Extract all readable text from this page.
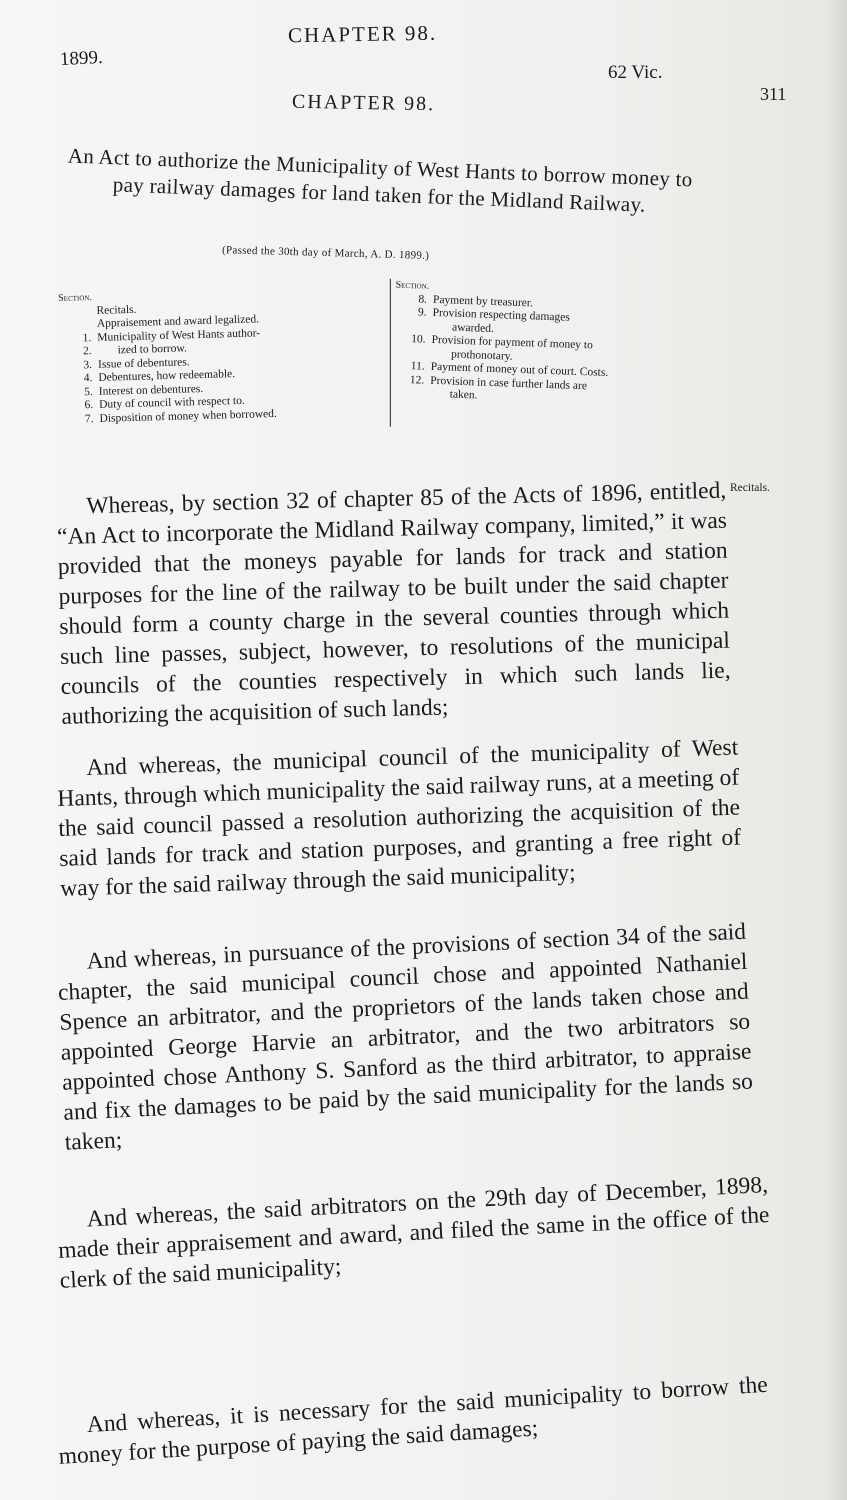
1899.
CHAPTER 98.
62 Vic.
311
CHAPTER 98.
An Act to authorize the Municipality of West Hants to borrow money to pay railway damages for land taken for the Midland Railway.
(Passed the 30th day of March, A. D. 1899.)
Section.
Recitals.
Appraisement and award legalized.
1. Municipality of West Hants author-
2.	ized to borrow.
3. Issue of debentures.
4. Debentures, how redeemable.
5. Interest on debentures.
6. Duty of council with respect to.
7. Disposition of money when borrowed.
Section.
8. Payment by treasurer.
9. Provision respecting damages
awarded.
10. Provision for payment of money to
prothonotary.
11. Payment of money out of court. Costs.
12. Provision in case further lands are
taken.
Recitals.

Whereas, by section 32 of chapter 85 of the Acts of 1896, entitled, “An Act to incorporate the Midland Railway company, limited,” it was provided that the moneys payable for lands for track and station purposes for the line of the railway to be built under the said chapter should form a county charge in the several counties through which such line passes, subject, however, to resolutions of the municipal councils of the counties respectively in which such lands lie, authorizing the acquisition of such lands;

And whereas, the municipal council of the municipality of West Hants, through which municipality the said railway runs, at a meeting of the said council passed a resolution authorizing the acquisition of the said lands for track and station purposes, and granting a free right of way for the said railway through the said municipality;

And whereas, in pursuance of the provisions of section 34 of the said chapter, the said municipal council chose and appointed Nathaniel Spence an arbitrator, and the proprietors of the lands taken chose and appointed George Harvie an arbitrator, and the two arbitrators so appointed chose Anthony S. Sanford as the third arbitrator, to appraise and fix the damages to be paid by the said municipality for the lands so taken;

And whereas, the said arbitrators on the 29th day of December, 1898, made their appraisement and award, and filed the same in the office of the clerk of the said municipality;

And whereas, it is necessary for the said municipality to borrow the money for the purpose of paying the said damages;
